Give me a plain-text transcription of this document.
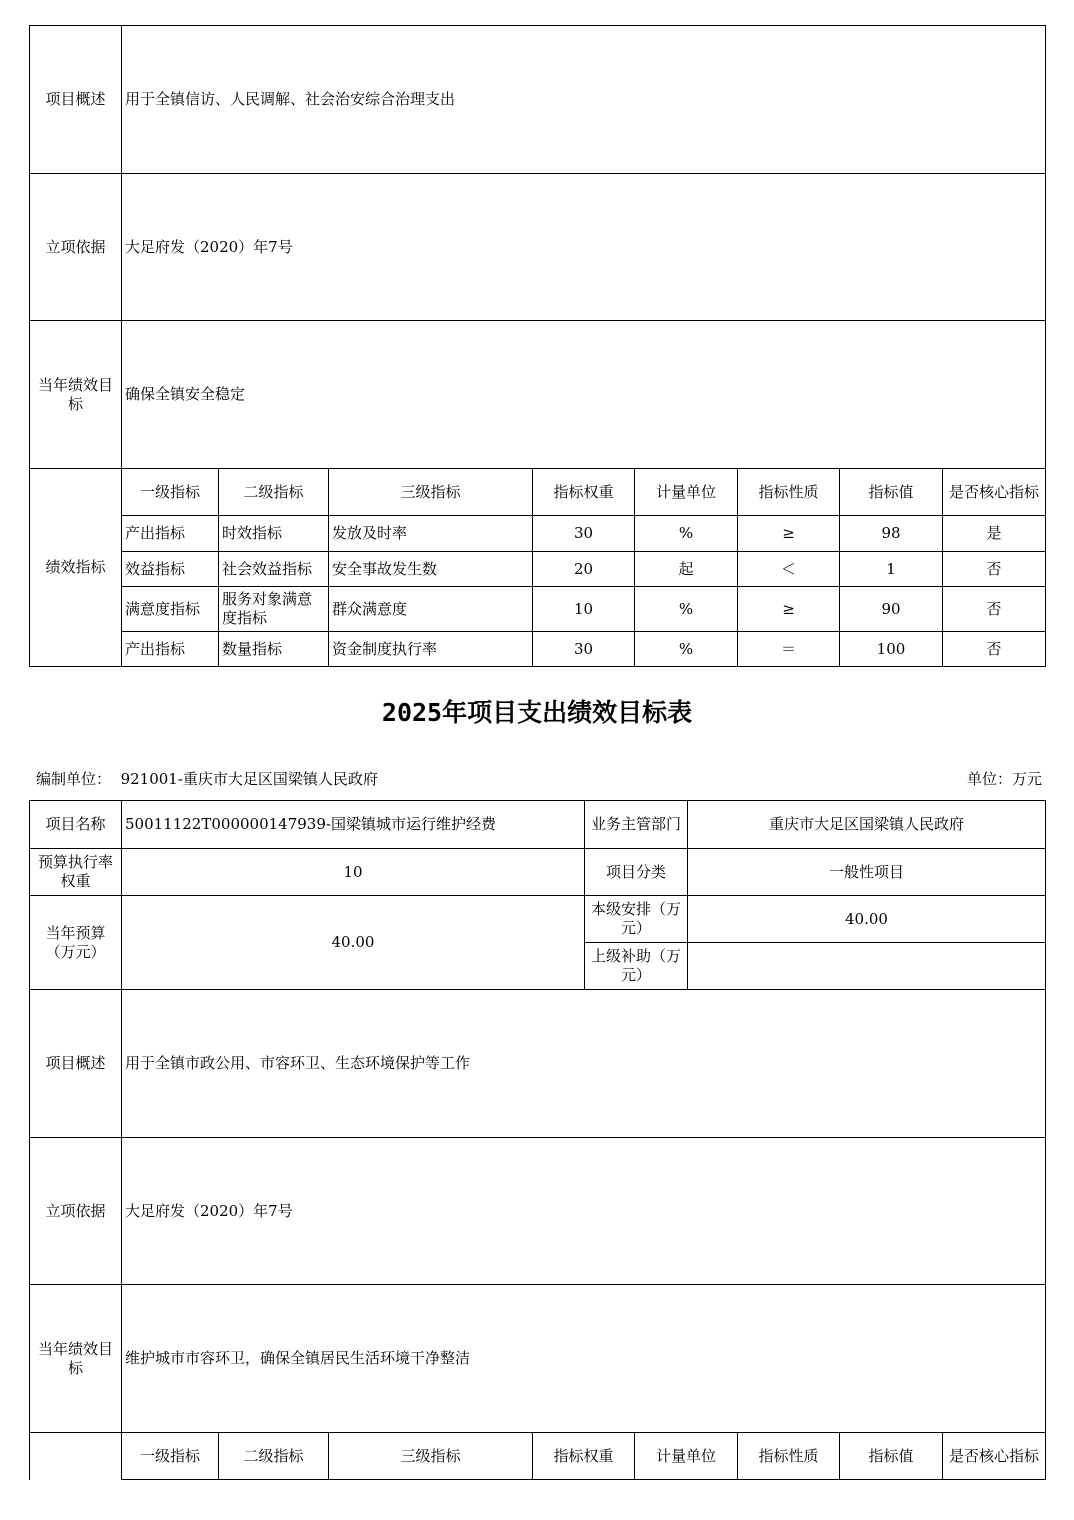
项目概述	用于全镇信访、人民调解、社会治安综合治理支出							
立项依据	大足府发（2020）年7号							
当年绩效目标	确保全镇安全稳定							
绩效指标	一级指标	二级指标	三级指标	指标权重	计量单位	指标性质	指标值	是否核心指标
	产出指标	时效指标	发放及时率	30	%	≥	98	是
	效益指标	社会效益指标	安全事故发生数	20	起	＜	1	否
	满意度指标	服务对象满意度指标	群众满意度	10	%	≥	90	否
	产出指标	数量指标	资金制度执行率	30	%	＝	100	否
2025年项目支出绩效目标表
编制单位： 921001-重庆市大足区国梁镇人民政府	单位：万元
项目名称	50011122T000000147939-国梁镇城市运行维护经费	业务主管部门	重庆市大足区国梁镇人民政府
预算执行率权重	10	项目分类	一般性项目
当年预算（万元）	40.00	本级安排（万元）	40.00
		上级补助（万元）	
项目概述	用于全镇市政公用、市容环卫、生态环境保护等工作		
立项依据	大足府发（2020）年7号		
当年绩效目标	维护城市市容环卫，确保全镇居民生活环境干净整洁		
	一级指标	二级指标	三级指标	指标权重	计量单位	指标性质	指标值	是否核心指标
